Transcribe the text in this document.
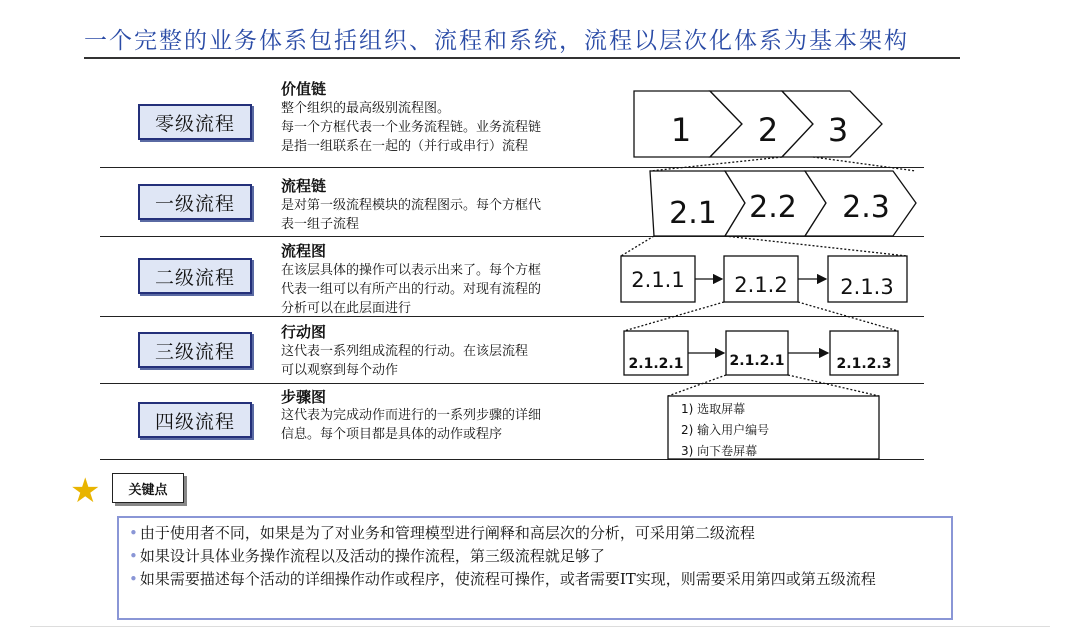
一个完整的业务体系包括组织、流程和系统，流程以层次化体系为基本架构
零级流程
一级流程
二级流程
三级流程
四级流程
价值链
整个组织的最高级别流程图。
每一个方框代表一个业务流程链。业务流程链
是指一组联系在一起的（并行或串行）流程
流程链
是对第一级流程模块的流程图示。每个方框代
表一组子流程
流程图
在该层具体的操作可以表示出来了。每个方框
代表一组可以有所产出的行动。对现有流程的
分析可以在此层面进行
行动图
这代表一系列组成流程的行动。在该层流程
可以观察到每个动作
步骤图
这代表为完成动作而进行的一系列步骤的详细
信息。每个项目都是具体的动作或程序
1 2 3
2.1 2.2 2.3
2.1.1 2.1.2	2.1.3
2.1.2.1	2.1.2.1	2.1.2.3
1) 选取屏幕
2) 输入用户编号
3) 向下卷屏幕
★	关键点

• 由于使用者不同，如果是为了对业务和管理模型进行阐释和高层次的分析，可采用第二级流程

• 如果设计具体业务操作流程以及活动的操作流程，第三级流程就足够了

• 如果需要描述每个活动的详细操作动作或程序，使流程可操作，或者需要IT实现，则需要采用第四或第五级流程
